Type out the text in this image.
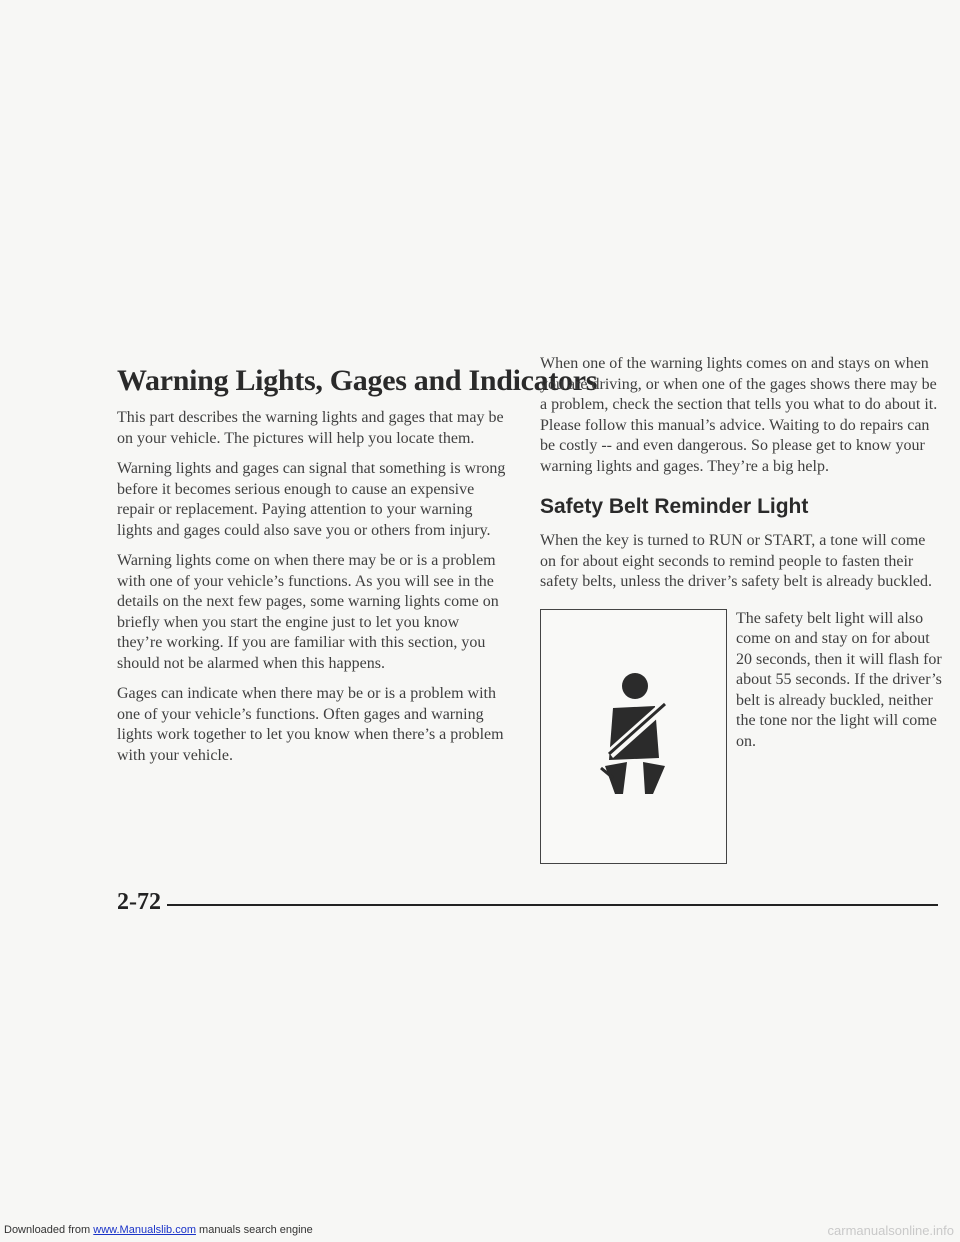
Warning Lights, Gages and Indicators

This part describes the warning lights and gages that may be on your vehicle. The pictures will help you locate them.

Warning lights and gages can signal that something is wrong before it becomes serious enough to cause an expensive repair or replacement. Paying attention to your warning lights and gages could also save you or others from injury.

Warning lights come on when there may be or is a problem with one of your vehicle’s functions. As you will see in the details on the next few pages, some warning lights come on briefly when you start the engine just to let you know they’re working. If you are familiar with this section, you should not be alarmed when this happens.

Gages can indicate when there may be or is a problem with one of your vehicle’s functions. Often gages and warning lights work together to let you know when there’s a problem with your vehicle.

When one of the warning lights comes on and stays on when you are driving, or when one of the gages shows there may be a problem, check the section that tells you what to do about it. Please follow this manual’s advice. Waiting to do repairs can be costly -- and even dangerous. So please get to know your warning lights and gages. They’re a big help.

Safety Belt Reminder Light

When the key is turned to RUN or START, a tone will come on for about eight seconds to remind people to fasten their safety belts, unless the driver’s safety belt is already buckled.

The safety belt light will also come on and stay on for about 20 seconds, then it will flash for about 55 seconds. If the driver’s belt is already buckled, neither the tone nor the light will come on.

2-72
Downloaded from www.Manualslib.com manuals search engine	carmanualsonline.info
